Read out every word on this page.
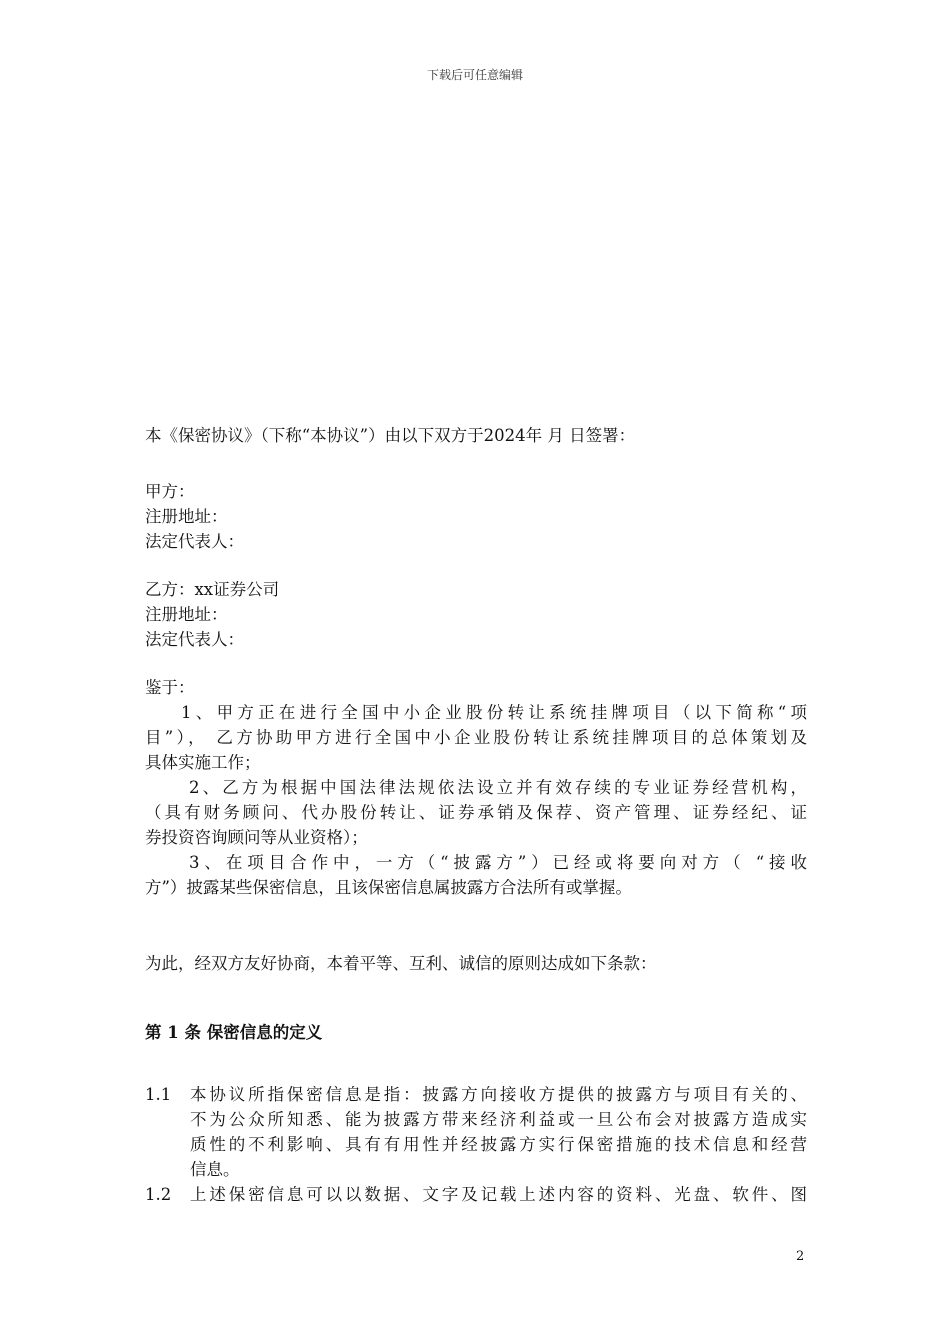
下载后可任意编辑
本《保密协议》（下称“本协议”）由以下双方于2024年 月 日签署：
甲方：
注册地址：
法定代表人：
乙方：xx证券公司
注册地址：
法定代表人：
鉴于：
1、甲方正在进行全国中小企业股份转让系统挂牌项目（以下简称“项
目”）， 乙方协助甲方进行全国中小企业股份转让系统挂牌项目的总体策划及
具体实施工作；
2、乙方为根据中国法律法规依法设立并有效存续的专业证券经营机构，
（具有财务顾问、代办股份转让、证券承销及保荐、资产管理、证券经纪、证
券投资咨询顾问等从业资格）；
3、在项目合作中，一方（“披露方”）已经或将要向对方（ “接收
方”）披露某些保密信息，且该保密信息属披露方合法所有或掌握。
为此，经双方友好协商，本着平等、互利、诚信的原则达成如下条款：
第 1 条 保密信息的定义
1.1 本协议所指保密信息是指：披露方向接收方提供的披露方与项目有关的、
不为公众所知悉、能为披露方带来经济利益或一旦公布会对披露方造成实
质性的不利影响、具有有用性并经披露方实行保密措施的技术信息和经营
信息。
1.2 上述保密信息可以以数据、文字及记载上述内容的资料、光盘、软件、图
2
